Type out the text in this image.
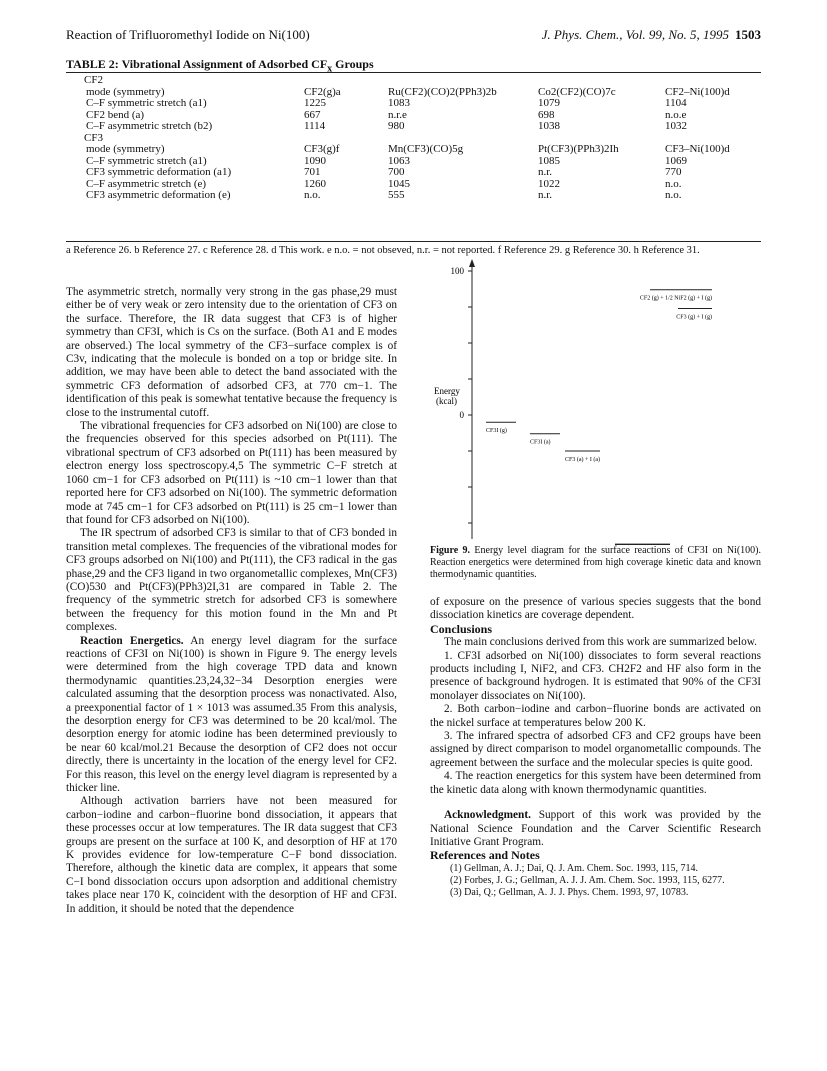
Reaction of Trifluoromethyl Iodide on Ni(100)	J. Phys. Chem., Vol. 99, No. 5, 1995 1503
TABLE 2: Vibrational Assignment of Adsorbed $CF_x$ Groups
CF2
mode (symmetry)	CF2(g)a	Ru(CF2)(CO)2(PPh3)2b	Co2(CF2)(CO)7c	CF2–Ni(100)d
C–F symmetric stretch (a1)	1225	1083	1079	1104
CF2 bend (a)	667	n.r.e	698	n.o.e
C–F asymmetric stretch (b2)	1114	980	1038	1032
CF3
mode (symmetry)	CF3(g)f	Mn(CF3)(CO)5g	Pt(CF3)(PPh3)2Ih	CF3–Ni(100)d
C–F symmetric stretch (a1)	1090	1063	1085	1069
CF3 symmetric deformation (a1)	701	700	n.r.	770
C–F asymmetric stretch (e)	1260	1045	1022	n.o.
CF3 asymmetric deformation (e)	n.o.	555	n.r.	n.o.
a Reference 26. b Reference 27. c Reference 28. d This work. e n.o. = not obseved, n.r. = not reported. f Reference 29. g Reference 30. h Reference 31.

The asymmetric stretch, normally very strong in the gas phase,29 must either be of very weak or zero intensity due to the orientation of CF3 on the surface. Therefore, the IR data suggest that CF3 is of higher symmetry than CF3I, which is Cs on the surface. (Both A1 and E modes are observed.) The local symmetry of the CF3−surface complex is of C3v, indicating that the molecule is bonded on a top or bridge site. In addition, we may have been able to detect the band associated with the symmetric CF3 deformation of adsorbed CF3, at 770 cm−1. The identification of this peak is somewhat tentative because the frequency is close to the instrumental cutoff.

The vibrational frequencies for CF3 adsorbed on Ni(100) are close to the frequencies observed for this species adsorbed on Pt(111). The vibrational spectrum of CF3 adsorbed on Pt(111) has been measured by electron energy loss spectroscopy.4,5 The symmetric C−F stretch at 1060 cm−1 for CF3 adsorbed on Pt(111) is ~10 cm−1 lower than that reported here for CF3 adsorbed on Ni(100). The symmetric deformation mode at 745 cm−1 for CF3 adsorbed on Pt(111) is 25 cm−1 lower than that found for CF3 adsorbed on Ni(100).

The IR spectrum of adsorbed CF3 is similar to that of CF3 bonded in transition metal complexes. The frequencies of the vibrational modes for CF3 groups adsorbed on Ni(100) and Pt(111), the CF3 radical in the gas phase,29 and the CF3 ligand in two organometallic complexes, Mn(CF3)(CO)530 and Pt(CF3)(PPh3)2I,31 are compared in Table 2. The frequency of the symmetric stretch for adsorbed CF3 is somewhere between the frequency for this motion found in the Mn and Pt complexes.

Reaction Energetics. An energy level diagram for the surface reactions of CF3I on Ni(100) is shown in Figure 9. The energy levels were determined from the high coverage TPD data and known thermodynamic quantities.23,24,32−34 Desorption energies were calculated assuming that the desorption process was nonactivated. Also, a preexponential factor of 1 × 1013 was assumed.35 From this analysis, the desorption energy for CF3 was determined to be 20 kcal/mol. The desorption energy for atomic iodine has been determined previously to be near 60 kcal/mol.21 Because the desorption of CF2 does not occur directly, there is uncertainty in the location of the energy level for CF2. For this reason, this level on the energy level diagram is represented by a thicker line.

Although activation barriers have not been measured for carbon−iodine and carbon−fluorine bond dissociation, it appears that these processes occur at low temperatures. The IR data suggest that CF3 groups are present on the surface at 100 K, and desorption of HF at 170 K provides evidence for low-temperature C−F bond dissociation. Therefore, although the kinetic data are complex, it appears that some C−I bond dissociation occurs upon adsorption and additional chemistry takes place near 170 K, coincident with the desorption of HF and CF3I. In addition, it should be noted that the dependence

100
0
Energy
(kcal)
CF3I (g)
CF3I (a)
CF3 (a) + I (a)
CF2 (g) + 1/2 NiF2 (g) + I (g)
CF3 (g) + I (g)
Figure 9. Energy level diagram for the surface reactions of CF3I on Ni(100). Reaction energetics were determined from high coverage kinetic data and known thermodynamic quantities.

of exposure on the presence of various species suggests that the bond dissociation kinetics are coverage dependent.

Conclusions

The main conclusions derived from this work are summarized below.

1. CF3I adsorbed on Ni(100) dissociates to form several reactions products including I, NiF2, and CF3. CH2F2 and HF also form in the presence of background hydrogen. It is estimated that 90% of the CF3I monolayer dissociates on Ni(100).

2. Both carbon−iodine and carbon−fluorine bonds are activated on the nickel surface at temperatures below 200 K.

3. The infrared spectra of adsorbed CF3 and CF2 groups have been assigned by direct comparison to model organometallic compounds. The agreement between the surface and the molecular species is quite good.

4. The reaction energetics for this system have been determined from the kinetic data along with known thermodynamic quantities.

Acknowledgment. Support of this work was provided by the National Science Foundation and the Carver Scientific Research Initiative Grant Program.

References and Notes

(1) Gellman, A. J.; Dai, Q. J. Am. Chem. Soc. 1993, 115, 714.
(2) Forbes, J. G.; Gellman, A. J. J. Am. Chem. Soc. 1993, 115, 6277.
(3) Dai, Q.; Gellman, A. J. J. Phys. Chem. 1993, 97, 10783.
